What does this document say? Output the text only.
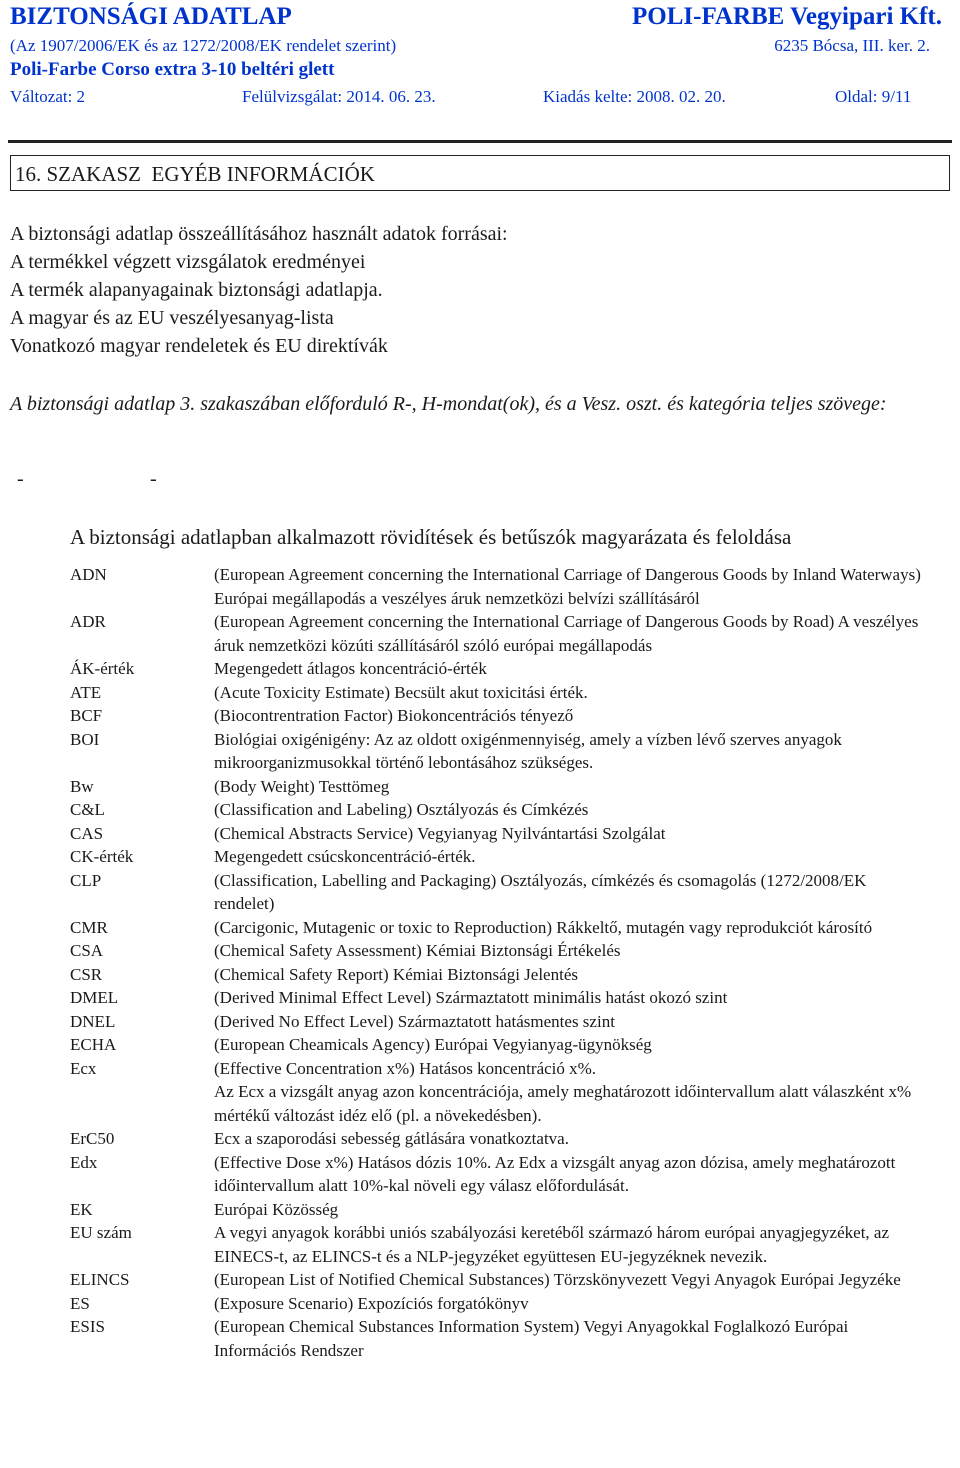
BIZTONSÁGI ADATLAP	POLI-FARBE Vegyipari Kft.
(Az 1907/2006/EK és az 1272/2008/EK rendelet szerint)	6235 Bócsa, III. ker. 2.
Poli-Farbe Corso extra 3-10 beltéri glett
Változat: 2	Felülvizsgálat: 2014. 06. 23.	Kiadás kelte: 2008. 02. 20.	Oldal: 9/11
16. SZAKASZ  EGYÉB INFORMÁCIÓK
A biztonsági adatlap összeállításához használt adatok forrásai:
A termékkel végzett vizsgálatok eredményei
A termék alapanyagainak biztonsági adatlapja.
A magyar és az EU veszélyesanyag-lista
Vonatkozó magyar rendeletek és EU direktívák
A biztonsági adatlap 3. szakaszában előforduló R-, H-mondat(ok), és a Vesz. oszt. és kategória teljes szövege:
-	-
A biztonsági adatlapban alkalmazott rövidítések és betűszók magyarázata és feloldása
ADN	(European Agreement concerning the International Carriage of Dangerous Goods by Inland Waterways) Európai megállapodás a veszélyes áruk nemzetközi belvízi szállításáról
ADR	(European Agreement concerning the International Carriage of Dangerous Goods by Road) A veszélyes áruk nemzetközi közúti szállításáról szóló európai megállapodás
ÁK-érték	Megengedett átlagos koncentráció-érték
ATE	(Acute Toxicity Estimate) Becsült akut toxicitási érték.
BCF	(Biocontrentration Factor) Biokoncentrációs tényező
BOI	Biológiai oxigénigény: Az az oldott oxigénmennyiség, amely a vízben lévő szerves anyagok mikroorganizmusokkal történő lebontásához szükséges.
Bw	(Body Weight) Testtömeg
C&L	(Classification and Labeling) Osztályozás és Címkézés
CAS	(Chemical Abstracts Service) Vegyianyag Nyilvántartási Szolgálat
CK-érték	Megengedett csúcskoncentráció-érték.
CLP	(Classification, Labelling and Packaging) Osztályozás, címkézés és csomagolás (1272/2008/EK rendelet)
CMR	(Carcigonic, Mutagenic or toxic to Reproduction) Rákkeltő, mutagén vagy reprodukciót károsító
CSA	(Chemical Safety Assessment) Kémiai Biztonsági Értékelés
CSR	(Chemical Safety Report) Kémiai Biztonsági Jelentés
DMEL	(Derived Minimal Effect Level) Származtatott minimális hatást okozó szint
DNEL	(Derived No Effect Level) Származtatott hatásmentes szint
ECHA	(European Cheamicals Agency) Európai Vegyianyag-ügynökség
Ecx	(Effective Concentration x%) Hatásos koncentráció x%.
Az Ecx a vizsgált anyag azon koncentrációja, amely meghatározott időintervallum alatt válaszként x% mértékű változást idéz elő (pl. a növekedésben).
ErC50	Ecx a szaporodási sebesség gátlására vonatkoztatva.
Edx	(Effective Dose x%) Hatásos dózis 10%. Az Edx a vizsgált anyag azon dózisa, amely meghatározott időintervallum alatt 10%-kal növeli egy válasz előfordulását.
EK	Európai Közösség
EU szám	A vegyi anyagok korábbi uniós szabályozási keretéből származó három európai anyagjegyzéket, az EINECS-t, az ELINCS-t és a NLP-jegyzéket együttesen EU-jegyzéknek nevezik.
ELINCS	(European List of Notified Chemical Substances) Törzskönyvezett Vegyi Anyagok Európai Jegyzéke
ES	(Exposure Scenario) Expozíciós forgatókönyv
ESIS	(European Chemical Substances Information System) Vegyi Anyagokkal Foglalkozó Európai Információs Rendszer
